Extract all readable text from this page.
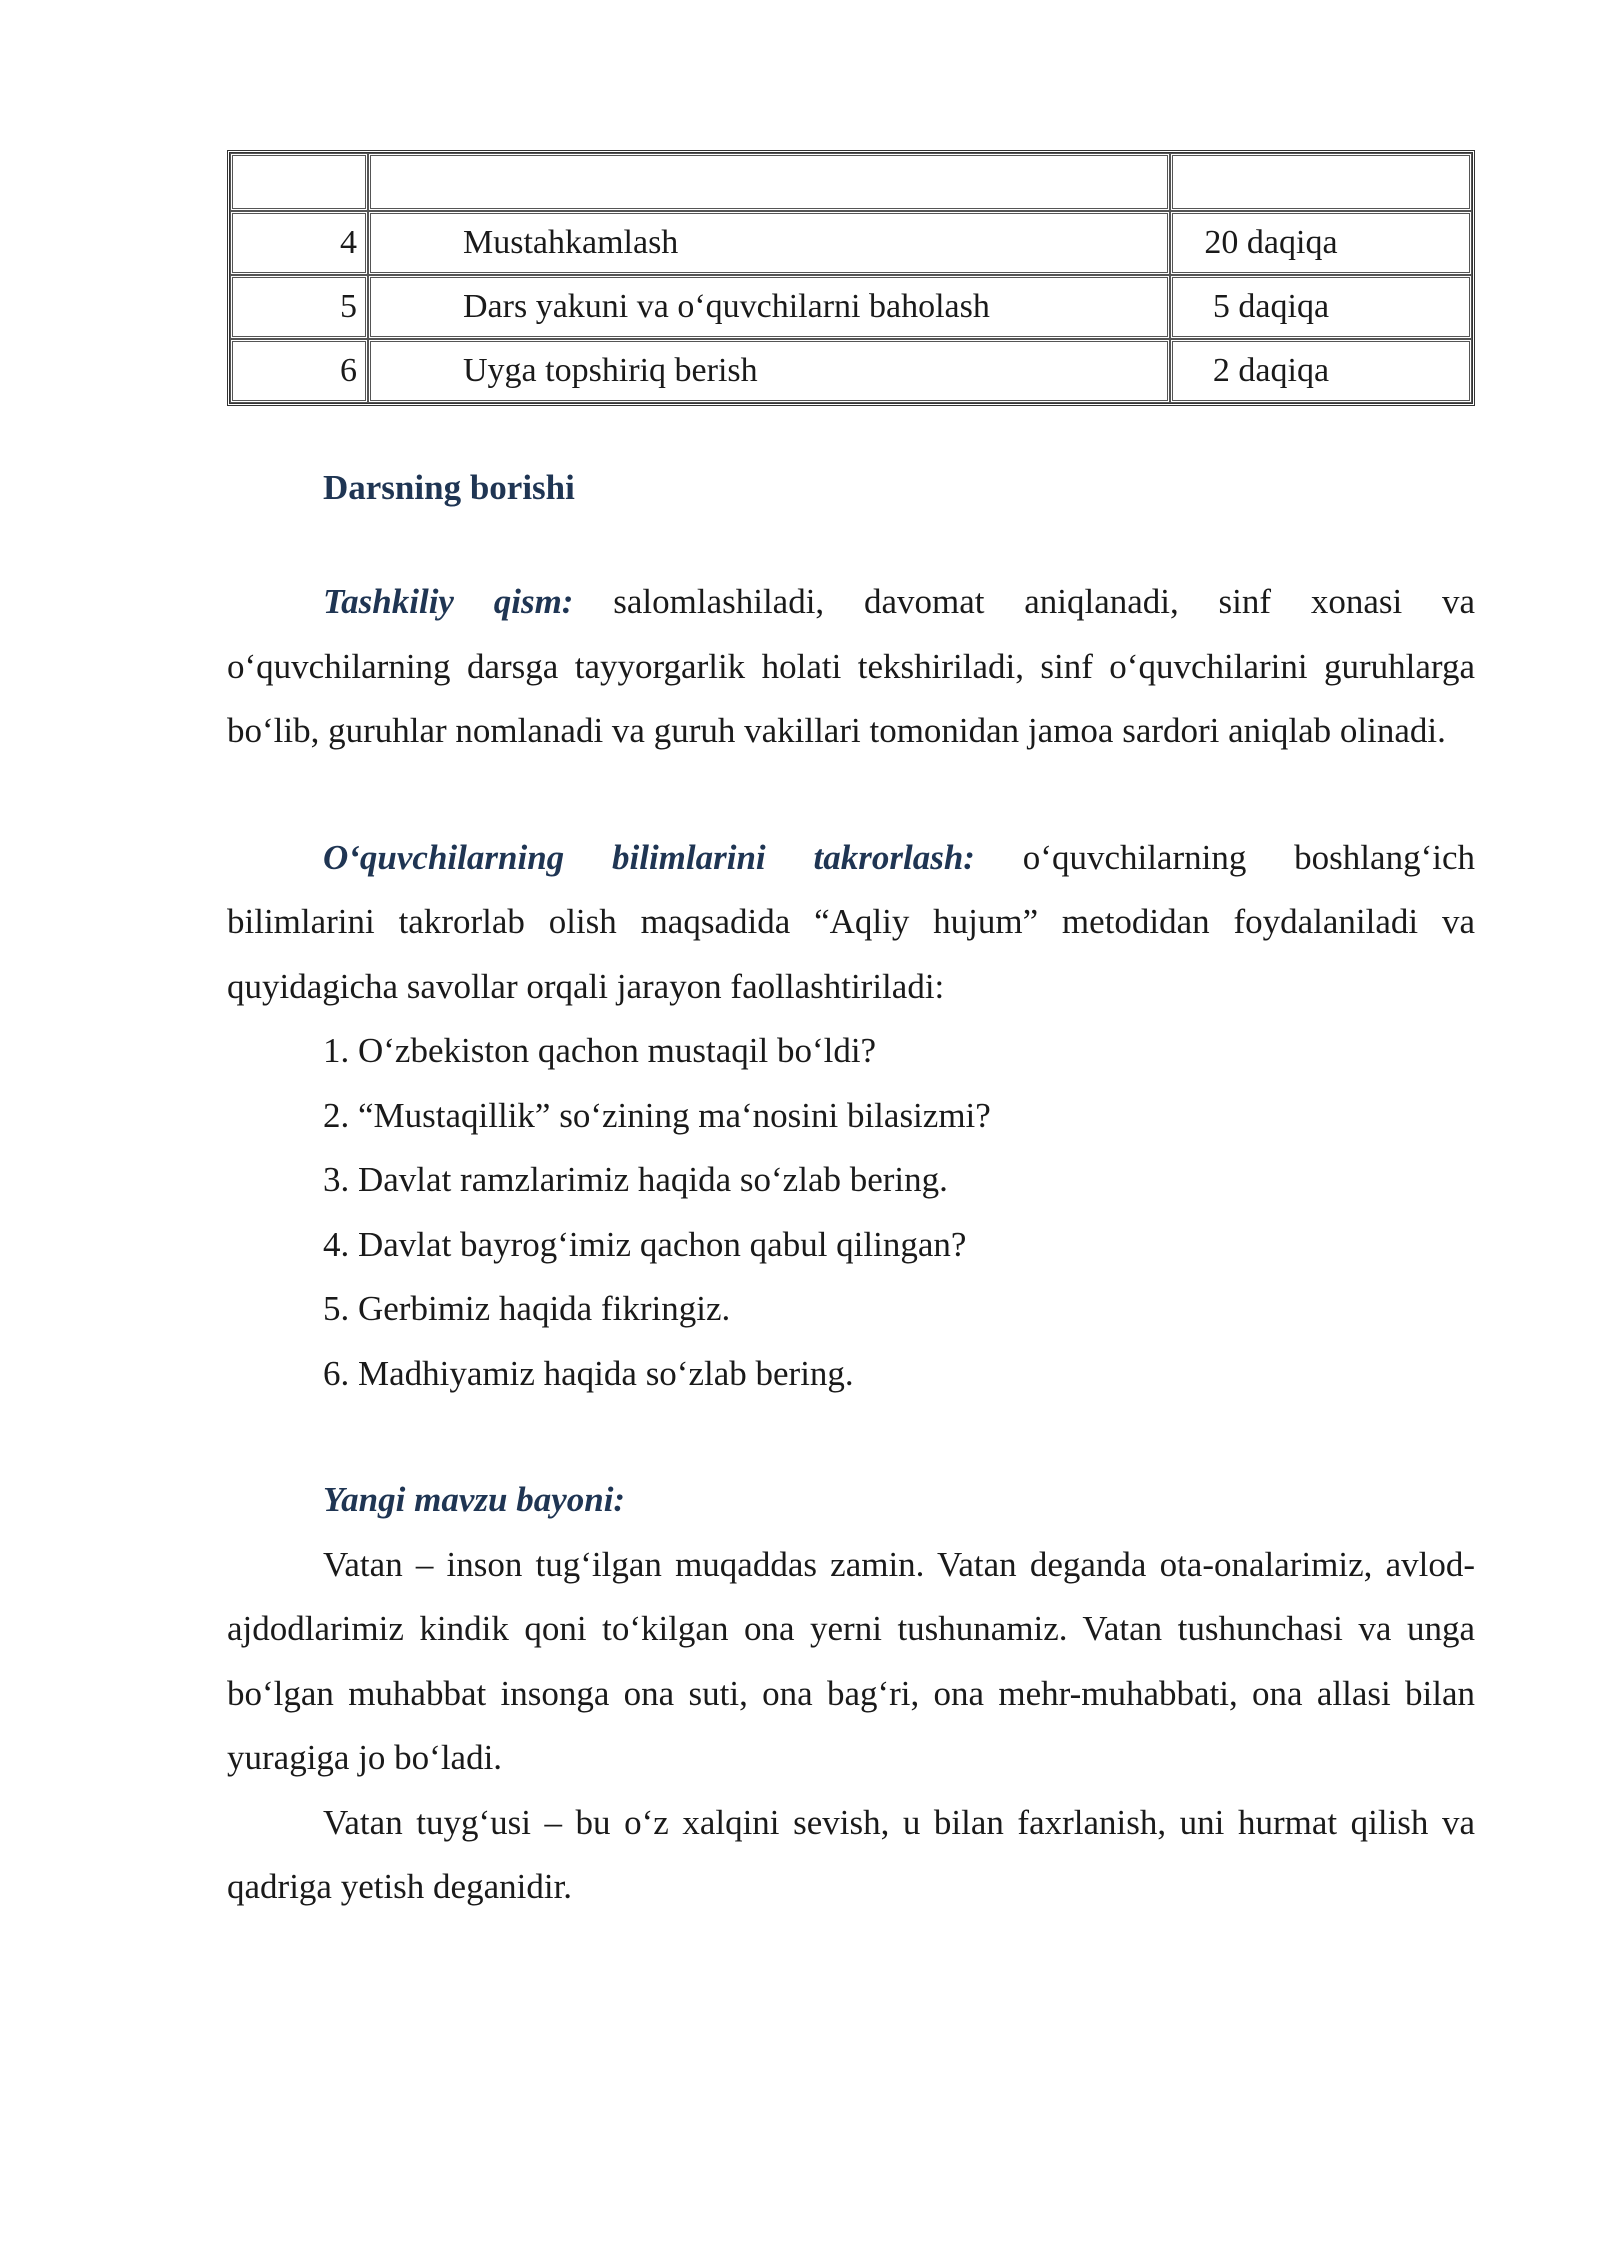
4	Mustahkamlash	20 daqiqa
5	Dars yakuni va o‘quvchilarni baholash	5 daqiqa
6	Uyga topshiriq berish	2 daqiqa
Darsning borishi

Tashkiliy qism: salomlashiladi, davomat aniqlanadi, sinf xonasi va o‘quvchilarning darsga tayyorgarlik holati tekshiriladi, sinf o‘quvchilarini guruhlarga bo‘lib, guruhlar nomlanadi va guruh vakillari tomonidan jamoa sardori aniqlab olinadi.

O‘quvchilarning bilimlarini takrorlash: o‘quvchilarning boshlang‘ich bilimlarini takrorlab olish maqsadida “Aqliy hujum” metodidan foydalaniladi va quyidagicha savollar orqali jarayon faollashtiriladi:

1. O‘zbekiston qachon mustaqil bo‘ldi?
2. “Mustaqillik” so‘zining ma‘nosini bilasizmi?
3. Davlat ramzlarimiz haqida so‘zlab bering.
4. Davlat bayrog‘imiz qachon qabul qilingan?
5. Gerbimiz haqida fikringiz.
6. Madhiyamiz haqida so‘zlab bering.
Yangi mavzu bayoni:

Vatan – inson tug‘ilgan muqaddas zamin. Vatan deganda ota-onalarimiz, avlod-ajdodlarimiz kindik qoni to‘kilgan ona yerni tushunamiz. Vatan tushunchasi va unga bo‘lgan muhabbat insonga ona suti, ona bag‘ri, ona mehr-muhabbati, ona allasi bilan yuragiga jo bo‘ladi.

Vatan tuyg‘usi – bu o‘z xalqini sevish, u bilan faxrlanish, uni hurmat qilish va qadriga yetish deganidir.
